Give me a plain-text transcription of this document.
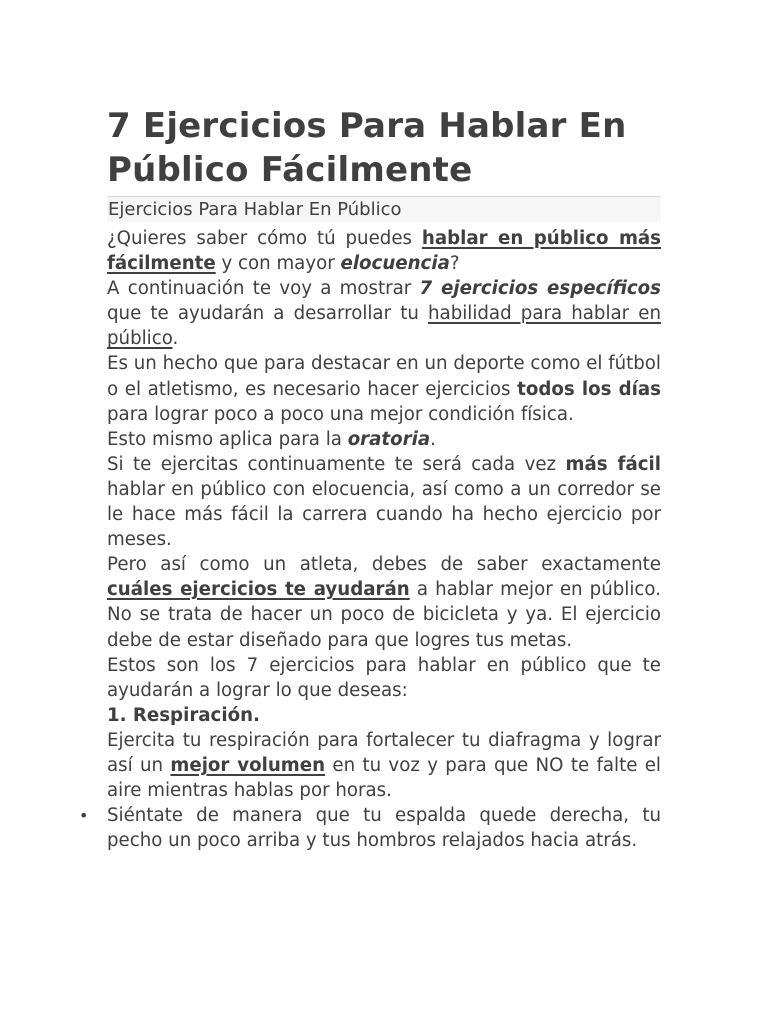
7 Ejercicios Para Hablar En Público Fácilmente
Ejercicios Para Hablar En Público

¿Quieres saber cómo tú puedes hablar en público más fácilmente y con mayor elocuencia?

A continuación te voy a mostrar 7 ejercicios específicos que te ayudarán a desarrollar tu habilidad para hablar en público.

Es un hecho que para destacar en un deporte como el fútbol o el atletismo, es necesario hacer ejercicios todos los días para lograr poco a poco una mejor condición física.

Esto mismo aplica para la oratoria.

Si te ejercitas continuamente te será cada vez más fácil hablar en público con elocuencia, así como a un corredor se le hace más fácil la carrera cuando ha hecho ejercicio por meses.

Pero así como un atleta, debes de saber exactamente cuáles ejercicios te ayudarán a hablar mejor en público. No se trata de hacer un poco de bicicleta y ya. El ejercicio debe de estar diseñado para que logres tus metas.

Estos son los 7 ejercicios para hablar en público que te ayudarán a lograr lo que deseas:

1. Respiración.

Ejercita tu respiración para fortalecer tu diafragma y lograr así un mejor volumen en tu voz y para que NO te falte el aire mientras hablas por horas.

• Siéntate de manera que tu espalda quede derecha, tu pecho un poco arriba y tus hombros relajados hacia atrás.
